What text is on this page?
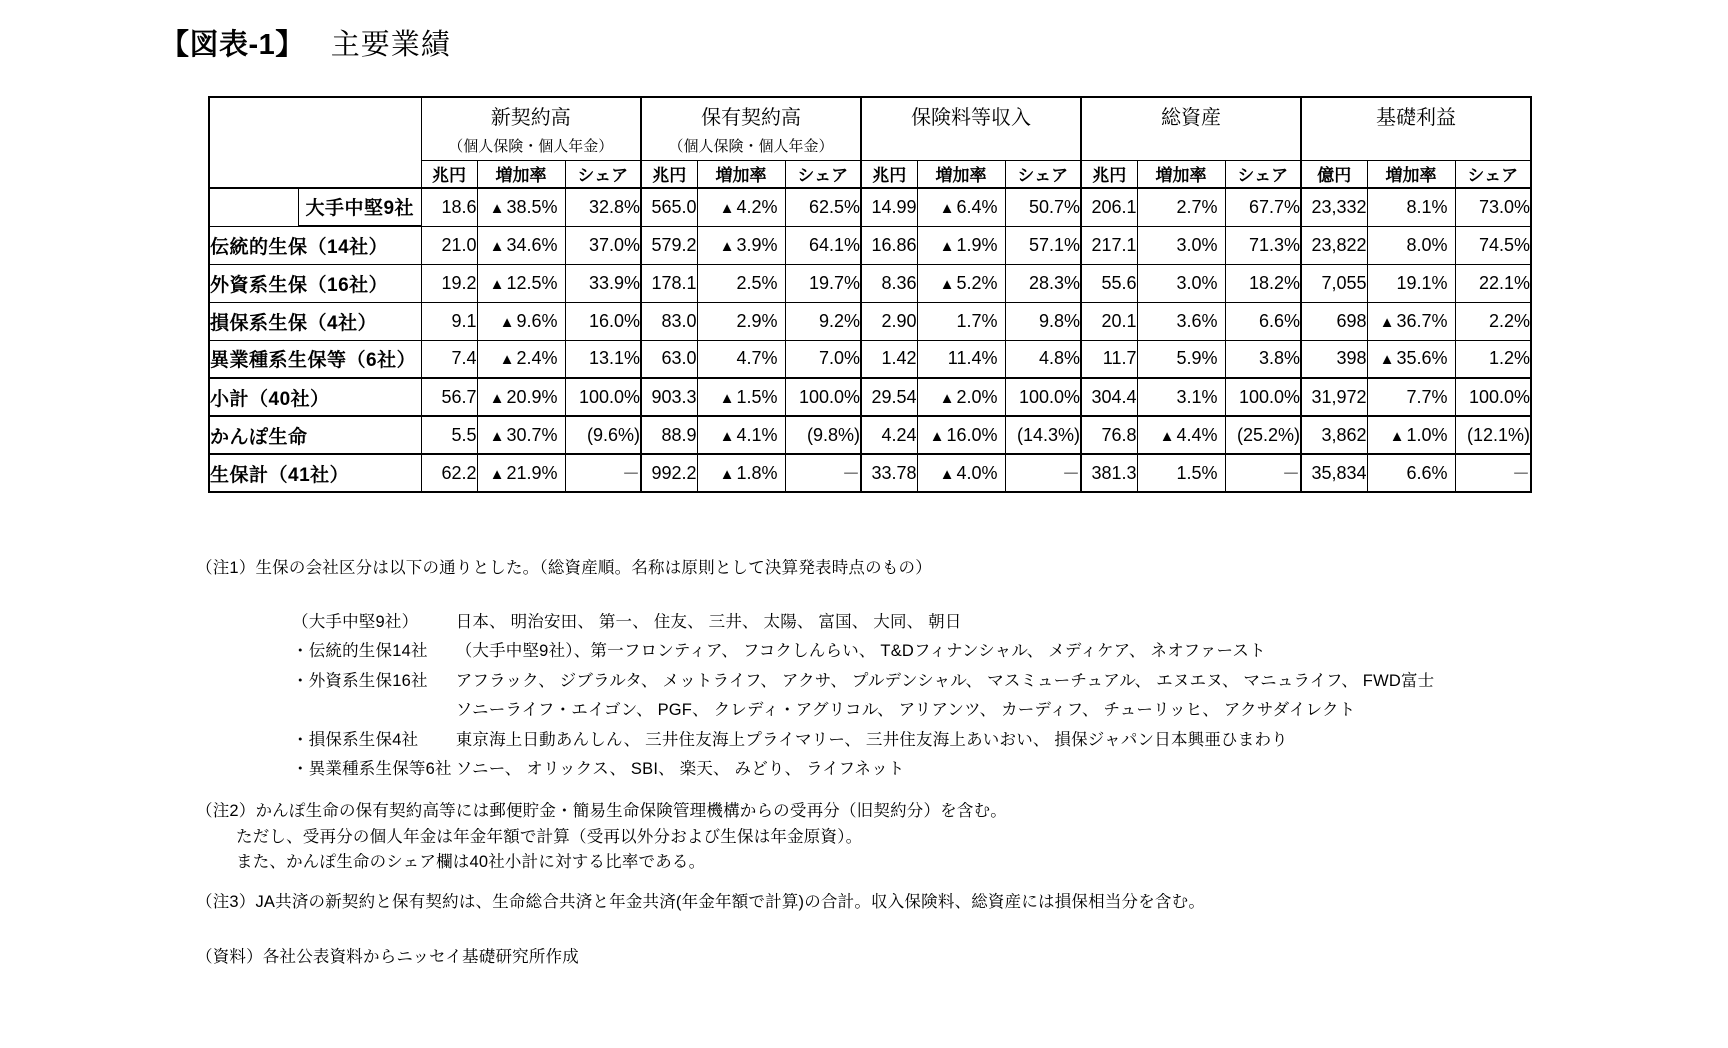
【図表-1】 主要業績
	新契約高			保有契約高			保険料等収入			総資産			基礎利益		
	（個人保険・個人年金）			（個人保険・個人年金）											
	兆円	増加率	シェア	兆円	増加率	シェア	兆円	増加率	シェア	兆円	増加率	シェア	億円	増加率	シェア

大手中堅9社	18.6	▲ 38.5%	32.8%	565.0	▲ 4.2%	62.5%	14.99	▲ 6.4%	50.7%	206.1	2.7%	67.7%	23,332	8.1%	73.0%
伝統的生保（14社）	21.0	▲ 34.6%	37.0%	579.2	▲ 3.9%	64.1%	16.86	▲ 1.9%	57.1%	217.1	3.0%	71.3%	23,822	8.0%	74.5%
外資系生保（16社）	19.2	▲ 12.5%	33.9%	178.1	2.5%	19.7%	8.36	▲ 5.2%	28.3%	55.6	3.0%	18.2%	7,055	19.1%	22.1%
損保系生保（4社）	9.1	▲ 9.6%	16.0%	83.0	2.9%	9.2%	2.90	1.7%	9.8%	20.1	3.6%	6.6%	698	▲ 36.7%	2.2%
異業種系生保等（6社）	7.4	▲ 2.4%	13.1%	63.0	4.7%	7.0%	1.42	11.4%	4.8%	11.7	5.9%	3.8%	398	▲ 35.6%	1.2%
小計（40社）	56.7	▲ 20.9%	100.0%	903.3	▲ 1.5%	100.0%	29.54	▲ 2.0%	100.0%	304.4	3.1%	100.0%	31,972	7.7%	100.0%
かんぽ生命	5.5	▲ 30.7%	(9.6%)	88.9	▲ 4.1%	(9.8%)	4.24	▲ 16.0%	(14.3%)	76.8	▲ 4.4%	(25.2%)	3,862	▲ 1.0%	(12.1%)
生保計（41社）	62.2	▲ 21.9%	－	992.2	▲ 1.8%	－	33.78	▲ 4.0%	－	381.3	1.5%	－	35,834	6.6%	－
（注1）生保の会社区分は以下の通りとした。（総資産順。名称は原則として決算発表時点のもの）
（大手中堅9社）	日本、 明治安田、 第一、 住友、 三井、 太陽、 富国、 大同、 朝日
・伝統的生保14社	（大手中堅9社）、第一フロンティア、 フコクしんらい、 T&Dフィナンシャル、 メディケア、 ネオファースト
・外資系生保16社	アフラック、 ジブラルタ、 メットライフ、 アクサ、 プルデンシャル、 マスミューチュアル、 エヌエヌ、 マニュライフ、 FWD富士
	ソニーライフ・エイゴン、 PGF、 クレディ・アグリコル、 アリアンツ、 カーディフ、 チューリッヒ、 アクサダイレクト
・損保系生保4社	東京海上日動あんしん、 三井住友海上プライマリー、 三井住友海上あいおい、 損保ジャパン日本興亜ひまわり
・異業種系生保等6社	ソニー、 オリックス、 SBI、 楽天、 みどり、 ライフネット
（注2）かんぽ生命の保有契約高等には郵便貯金・簡易生命保険管理機構からの受再分（旧契約分）を含む。
ただし、受再分の個人年金は年金年額で計算（受再以外分および生保は年金原資）。
また、かんぽ生命のシェア欄は40社小計に対する比率である。
（注3）JA共済の新契約と保有契約は、生命総合共済と年金共済(年金年額で計算)の合計。収入保険料、総資産には損保相当分を含む。
（資料）各社公表資料からニッセイ基礎研究所作成
